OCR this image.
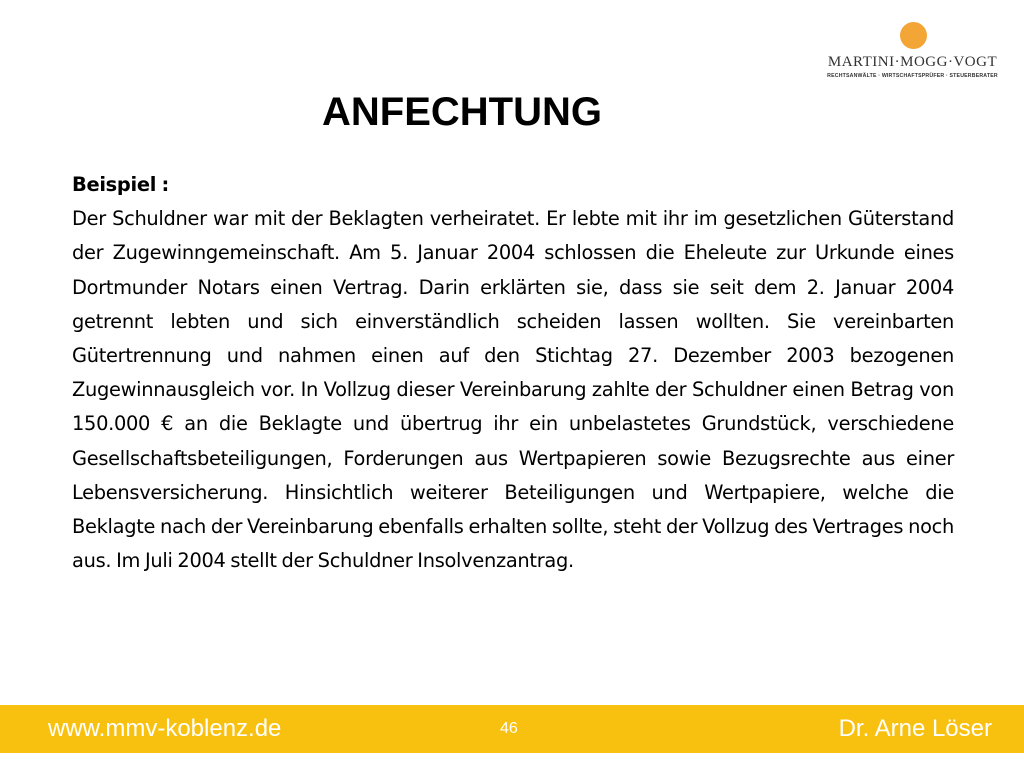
MARTINI·MOGG·VOGT
RECHTSANWÄLTE · WIRTSCHAFTSPRÜFER · STEUERBERATER
ANFECHTUNG
Beispiel :
Der Schuldner war mit der Beklagten verheiratet. Er lebte mit ihr im gesetzlichen Güterstand der Zugewinngemeinschaft. Am 5. Januar 2004 schlossen die Eheleute zur Urkunde eines Dortmunder Notars einen Vertrag. Darin erklärten sie, dass sie seit dem 2. Januar 2004 getrennt lebten und sich einverständlich scheiden lassen wollten. Sie vereinbarten Gütertrennung und nahmen einen auf den Stichtag 27. Dezember 2003 bezogenen Zugewinnausgleich vor. In Vollzug dieser Vereinbarung zahlte der Schuldner einen Betrag von 150.000 € an die Beklagte und übertrug ihr ein unbelastetes Grundstück, verschiedene Gesellschaftsbeteiligungen, Forderungen aus Wertpapieren sowie Bezugsrechte aus einer Lebensversicherung. Hinsichtlich weiterer Beteiligungen und Wertpapiere, welche die Beklagte nach der Vereinbarung ebenfalls erhalten sollte, steht der Vollzug des Vertrages noch aus. Im Juli 2004 stellt der Schuldner Insolvenzantrag.
www.mmv-koblenz.de	46	Dr. Arne Löser
